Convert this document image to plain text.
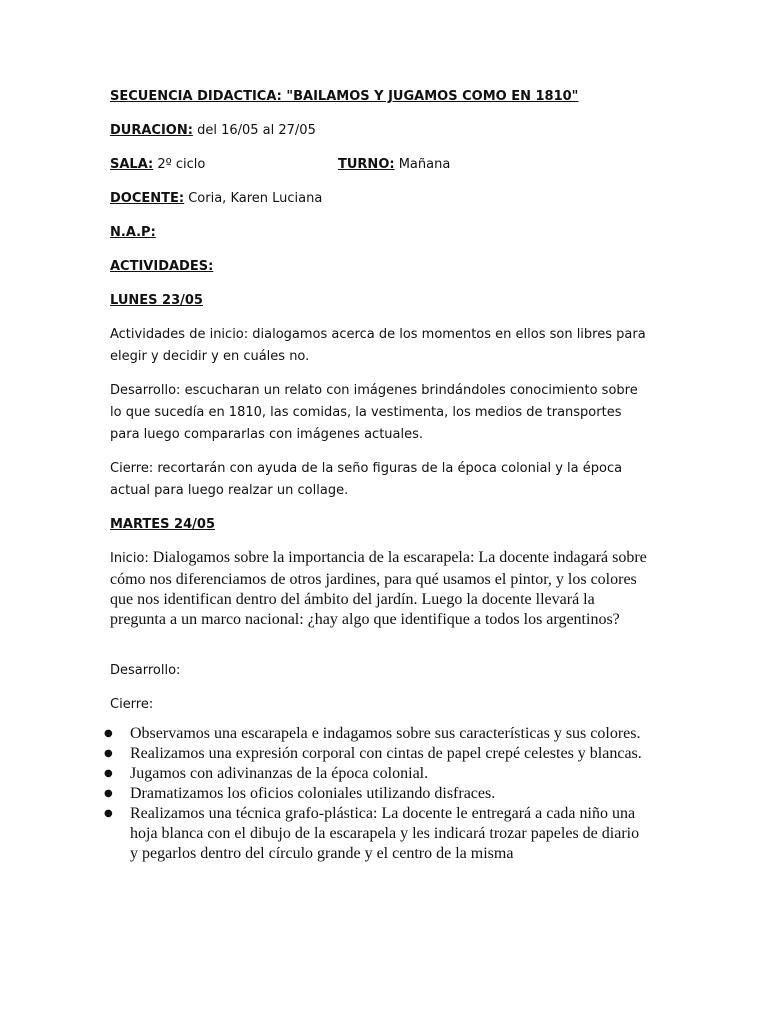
SECUENCIA DIDACTICA: "BAILAMOS Y JUGAMOS COMO EN 1810"
DURACION: del 16/05 al 27/05
SALA: 2º ciclo	TURNO: Mañana
DOCENTE: Coria, Karen Luciana
N.A.P:
ACTIVIDADES:
LUNES 23/05
Actividades de inicio: dialogamos acerca de los momentos en ellos son libres para elegir y decidir y en cuáles no.
Desarrollo: escucharan un relato con imágenes brindándoles conocimiento sobre lo que sucedía en 1810, las comidas, la vestimenta, los medios de transportes para luego compararlas con imágenes actuales.
Cierre: recortarán con ayuda de la seño figuras de la época colonial y la época actual para luego realzar un collage.
MARTES 24/05
Inicio: Dialogamos sobre la importancia de la escarapela: La docente indagará sobre cómo nos diferenciamos de otros jardines, para qué usamos el pintor, y los colores que nos identifican dentro del ámbito del jardín. Luego la docente llevará la pregunta a un marco nacional: ¿hay algo que identifique a todos los argentinos?
Desarrollo:
Cierre:
● Observamos una escarapela e indagamos sobre sus características y sus colores.
● Realizamos una expresión corporal con cintas de papel crepé celestes y blancas.
● Jugamos con adivinanzas de la época colonial.
● Dramatizamos los oficios coloniales utilizando disfraces.
● Realizamos una técnica grafo-plástica: La docente le entregará a cada niño una hoja blanca con el dibujo de la escarapela y les indicará trozar papeles de diario y pegarlos dentro del círculo grande y el centro de la misma
